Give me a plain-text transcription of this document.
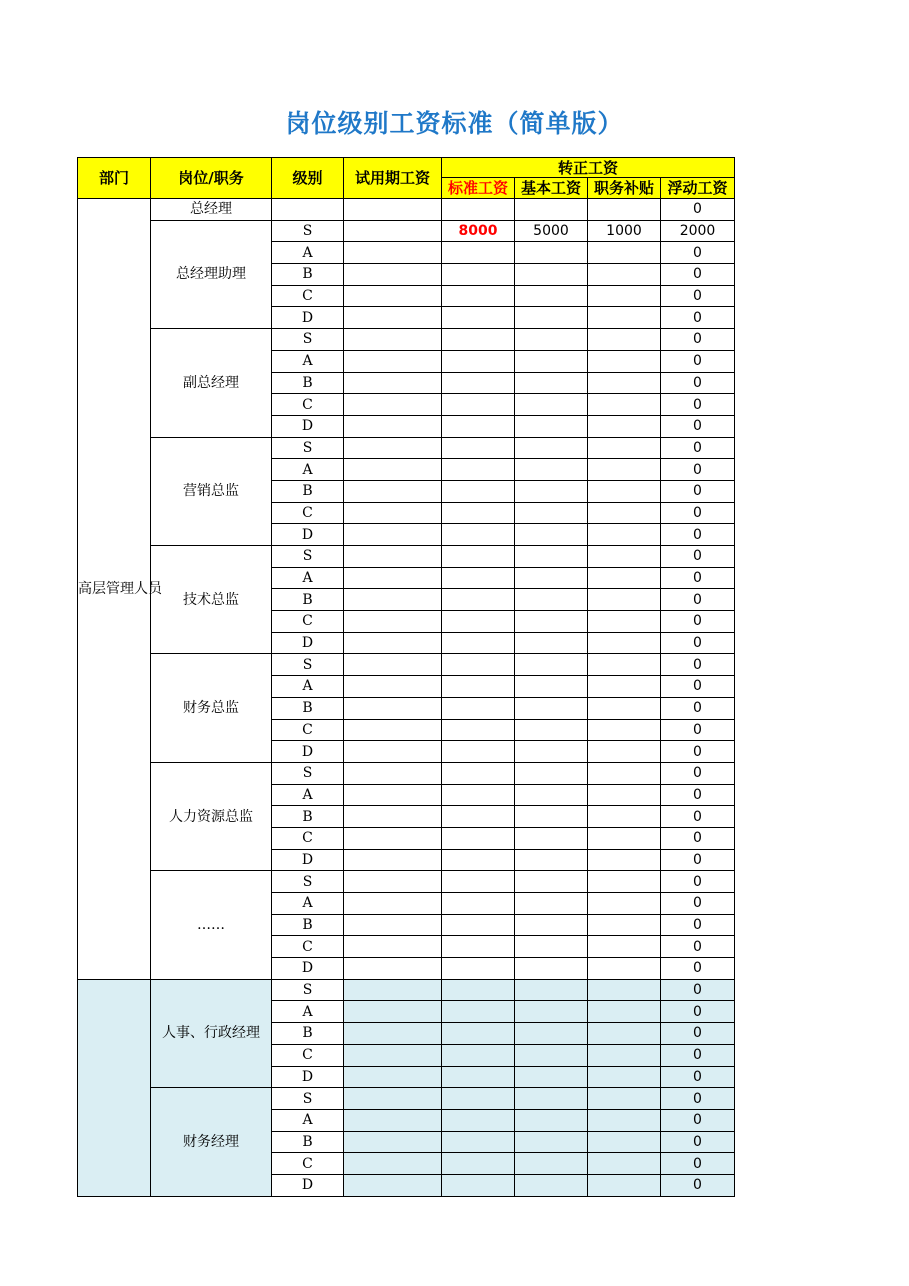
岗位级别工资标准（简单版）
部门	岗位/职务	级别	试用期工资	转正工资			
				标准工资	基本工资	职务补贴	浮动工资
高层管理人员	总经理						0
	总经理助理	S		8000	5000	1000	2000
		A					0
		B					0
		C					0
		D					0
	副总经理	S					0
		A					0
		B					0
		C					0
		D					0
	营销总监	S					0
		A					0
		B					0
		C					0
		D					0
	技术总监	S					0
		A					0
		B					0
		C					0
		D					0
	财务总监	S					0
		A					0
		B					0
		C					0
		D					0
	人力资源总监	S					0
		A					0
		B					0
		C					0
		D					0
	……	S					0
		A					0
		B					0
		C					0
		D					0
	人事、行政经理	S					0
		A					0
		B					0
		C					0
		D					0
	财务经理	S					0
		A					0
		B					0
		C					0
		D					0
